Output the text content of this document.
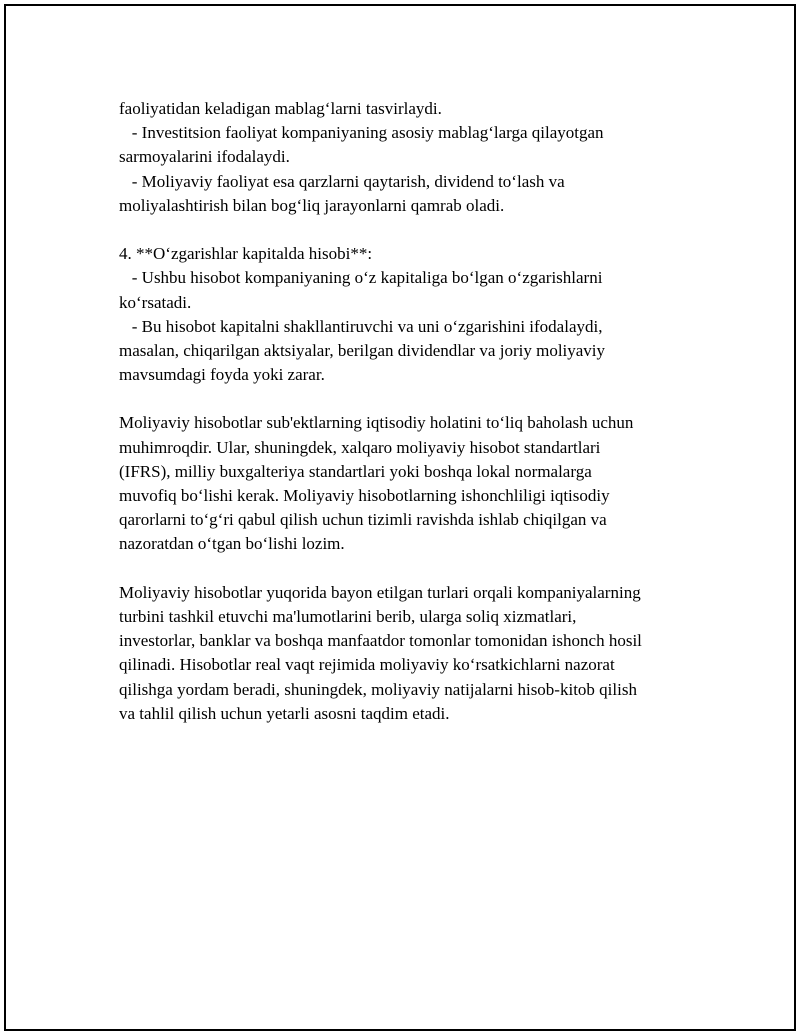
faoliyatidan keladigan mablag‘larni tasvirlaydi.
- Investitsion faoliyat kompaniyaning asosiy mablag‘larga qilayotgan
sarmoyalarini ifodalaydi.
- Moliyaviy faoliyat esa qarzlarni qaytarish, dividend to‘lash va
moliyalashtirish bilan bog‘liq jarayonlarni qamrab oladi.
4. **O‘zgarishlar kapitalda hisobi**:
- Ushbu hisobot kompaniyaning o‘z kapitaliga bo‘lgan o‘zgarishlarni
ko‘rsatadi.
- Bu hisobot kapitalni shakllantiruvchi va uni o‘zgarishini ifodalaydi,
masalan, chiqarilgan aktsiyalar, berilgan dividendlar va joriy moliyaviy
mavsumdagi foyda yoki zarar.
Moliyaviy hisobotlar sub'ektlarning iqtisodiy holatini to‘liq baholash uchun
muhimroqdir. Ular, shuningdek, xalqaro moliyaviy hisobot standartlari
(IFRS), milliy buxgalteriya standartlari yoki boshqa lokal normalarga
muvofiq bo‘lishi kerak. Moliyaviy hisobotlarning ishonchliligi iqtisodiy
qarorlarni to‘g‘ri qabul qilish uchun tizimli ravishda ishlab chiqilgan va
nazoratdan o‘tgan bo‘lishi lozim.
Moliyaviy hisobotlar yuqorida bayon etilgan turlari orqali kompaniyalarning
turbini tashkil etuvchi ma'lumotlarini berib, ularga soliq xizmatlari,
investorlar, banklar va boshqa manfaatdor tomonlar tomonidan ishonch hosil
qilinadi. Hisobotlar real vaqt rejimida moliyaviy ko‘rsatkichlarni nazorat
qilishga yordam beradi, shuningdek, moliyaviy natijalarni hisob-kitob qilish
va tahlil qilish uchun yetarli asosni taqdim etadi.
